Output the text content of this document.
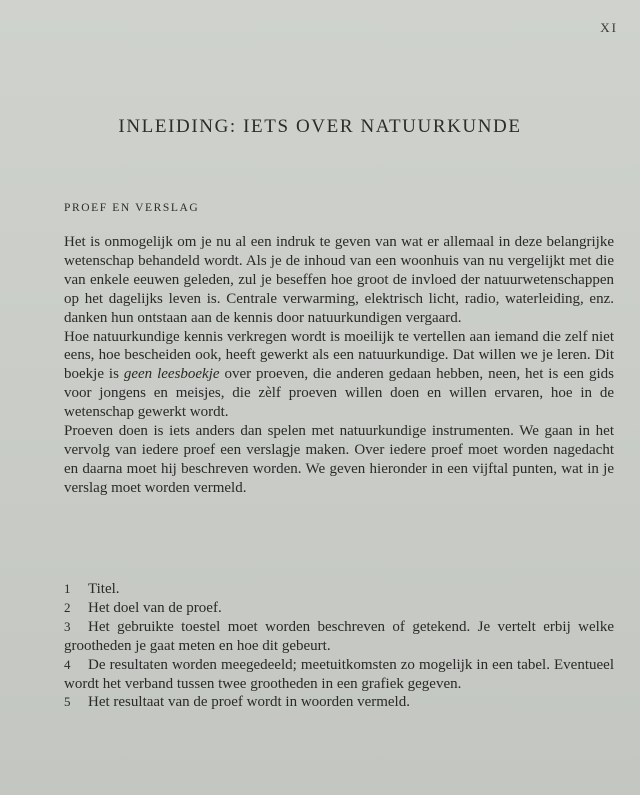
XI
INLEIDING: IETS OVER NATUURKUNDE
PROEF EN VERSLAG

Het is onmogelijk om je nu al een indruk te geven van wat er allemaal in deze belangrijke wetenschap behandeld wordt. Als je de inhoud van een woonhuis van nu vergelijkt met die van enkele eeuwen geleden, zul je beseffen hoe groot de invloed der natuurwetenschappen op het dagelijks leven is. Centrale verwarming, elektrisch licht, radio, waterleiding, enz. danken hun ontstaan aan de kennis door natuurkundigen vergaard.

Hoe natuurkundige kennis verkregen wordt is moeilijk te vertellen aan iemand die zelf niet eens, hoe bescheiden ook, heeft gewerkt als een natuurkundige. Dat willen we je leren. Dit boekje is geen leesboekje over proeven, die anderen gedaan hebben, neen, het is een gids voor jongens en meisjes, die zèlf proeven willen doen en willen ervaren, hoe in de wetenschap gewerkt wordt.

Proeven doen is iets anders dan spelen met natuurkundige instrumenten. We gaan in het vervolg van iedere proef een verslagje maken. Over iedere proef moet worden nagedacht en daarna moet hij beschreven worden. We geven hieronder in een vijftal punten, wat in je verslag moet worden vermeld.

1 Titel.
2 Het doel van de proef.
3 Het gebruikte toestel moet worden beschreven of getekend. Je vertelt erbij welke grootheden je gaat meten en hoe dit gebeurt.
4 De resultaten worden meegedeeld; meetuitkomsten zo mogelijk in een tabel. Eventueel wordt het verband tussen twee grootheden in een grafiek gegeven.
5 Het resultaat van de proef wordt in woorden vermeld.
